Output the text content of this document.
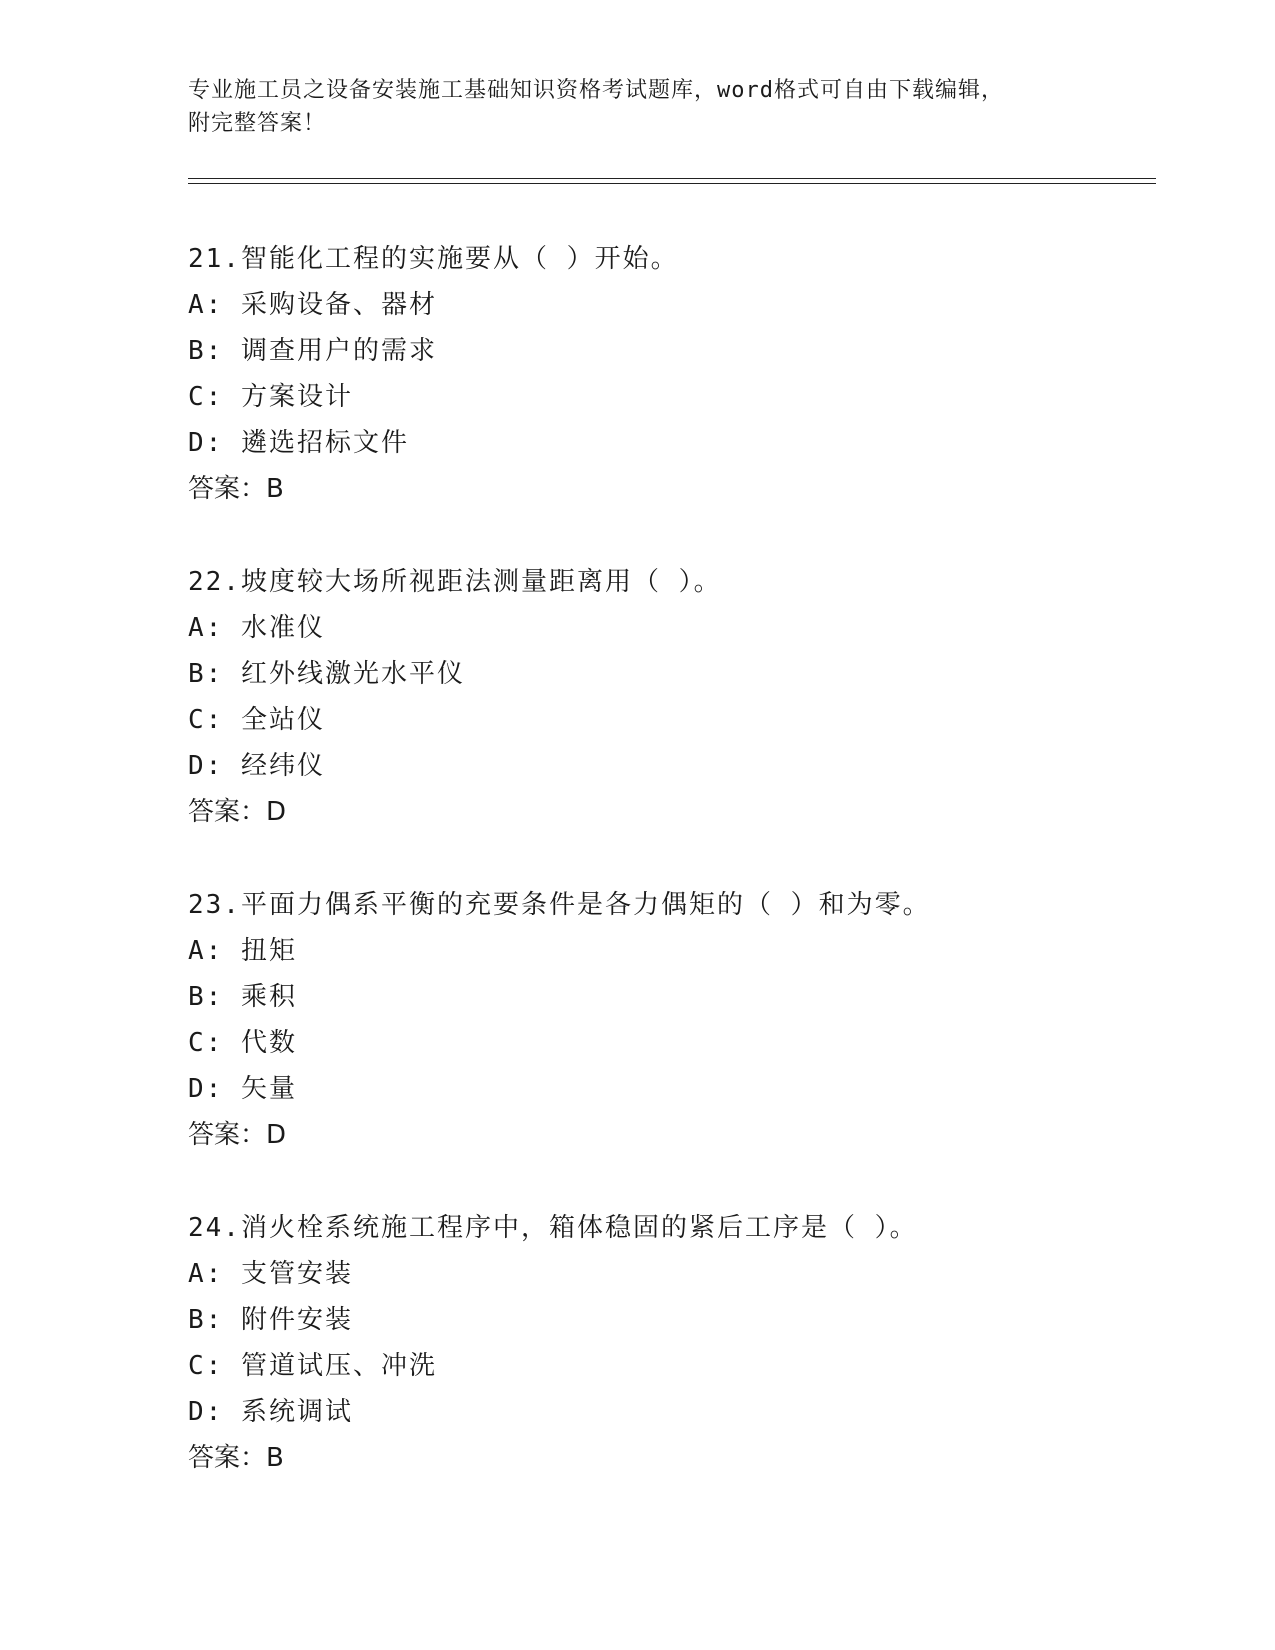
专业施工员之设备安装施工基础知识资格考试题库，word格式可自由下载编辑，
附完整答案！
21.智能化工程的实施要从（ ）开始。
A: 采购设备、器材
B: 调查用户的需求
C: 方案设计
D: 遴选招标文件
答案：B
22.坡度较大场所视距法测量距离用（ ）。
A: 水准仪
B: 红外线激光水平仪
C: 全站仪
D: 经纬仪
答案：D
23.平面力偶系平衡的充要条件是各力偶矩的（ ）和为零。
A: 扭矩
B: 乘积
C: 代数
D: 矢量
答案：D
24.消火栓系统施工程序中，箱体稳固的紧后工序是（ ）。
A: 支管安装
B: 附件安装
C: 管道试压、冲洗
D: 系统调试
答案：B
